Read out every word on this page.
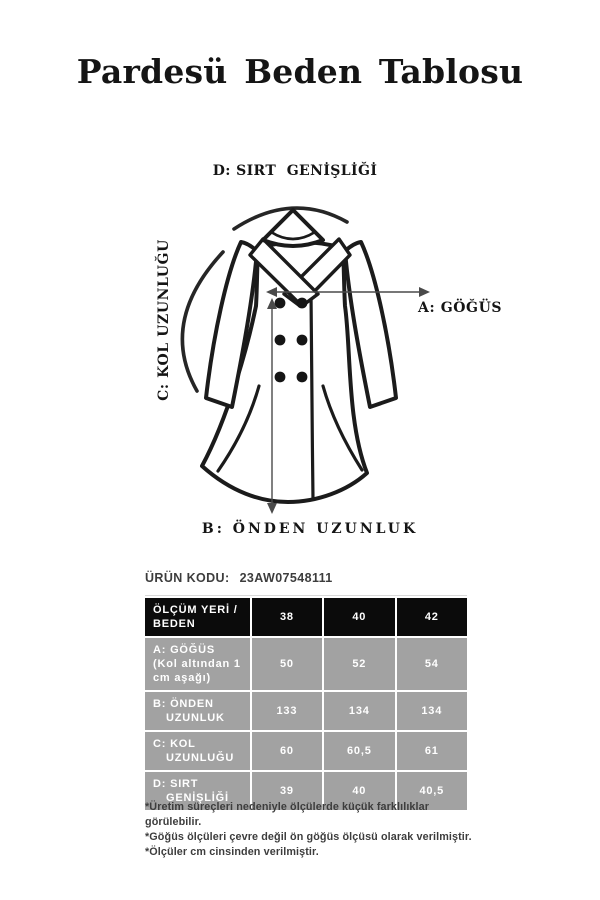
Pardesü Beden Tablosu
D: SIRT  GENİŞLİĞİ
C: KOL UZUNLUĞU	A: GÖĞÜS
B: ÖNDEN UZUNLUK
ÜRÜN KODU: 23AW07548111
ÖLÇÜM YERİ / BEDEN	38	40	42
A: GÖĞÜS
(Kol altından 1 cm aşağı)	50	52	54
B: ÖNDEN
UZUNLUK	133	134	134
C: KOL
UZUNLUĞU	60	60,5	61
D: SIRT
GENİŞLİĞİ	39	40	40,5
*Üretim süreçleri nedeniyle ölçülerde küçük farklılıklar görülebilir.
*Göğüs ölçüleri çevre değil ön göğüs ölçüsü olarak verilmiştir.
*Ölçüler cm cinsinden verilmiştir.
